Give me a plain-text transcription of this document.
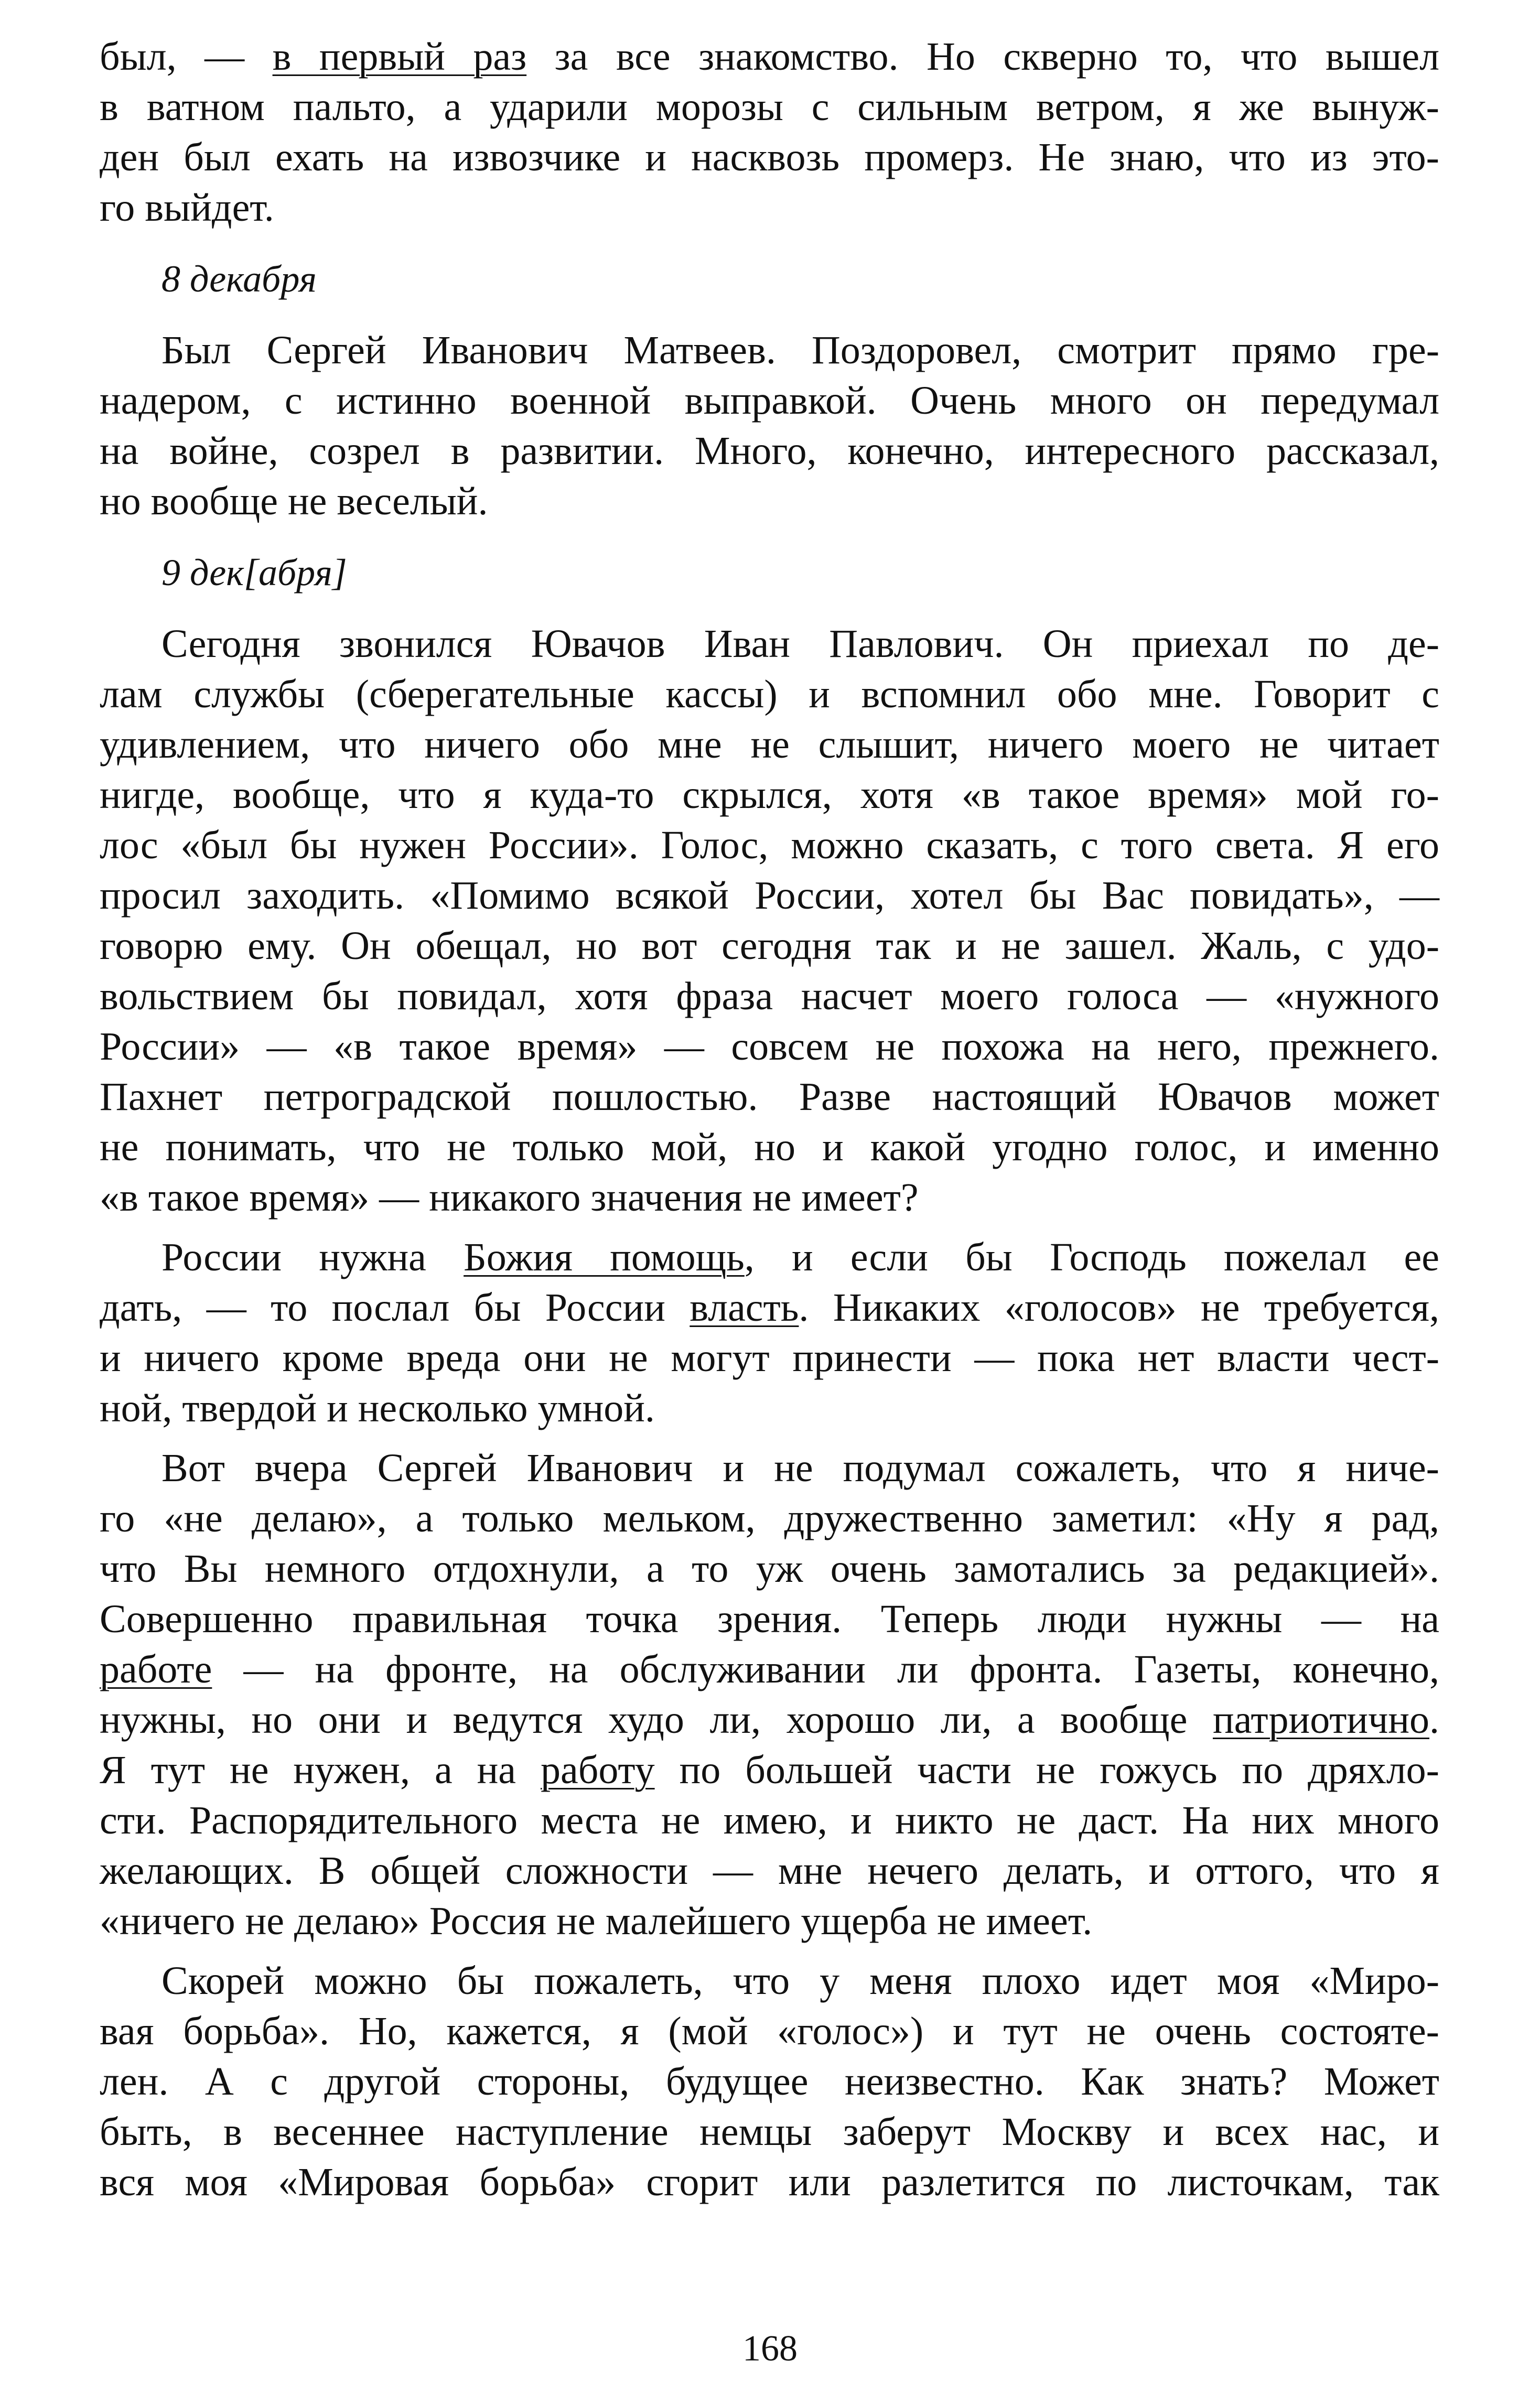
был, — в первый раз за все знакомство. Но скверно то, что вышел

в ватном пальто, а ударили морозы с сильным ветром, я же вынуж-

ден был ехать на извозчике и насквозь промерз. Не знаю, что из это-

го выйдет.

8 декабря

Был Сергей Иванович Матвеев. Поздоровел, смотрит прямо гре-

надером, с истинно военной выправкой. Очень много он передумал

на войне, созрел в развитии. Много, конечно, интересного рассказал,

но вообще не веселый.

9 дек[абря]

Сегодня звонился Ювачов Иван Павлович. Он приехал по де-

лам службы (сберегательные кассы) и вспомнил обо мне. Говорит с

удивлением, что ничего обо мне не слышит, ничего моего не читает

нигде, вообще, что я куда-то скрылся, хотя «в такое время» мой го-

лос «был бы нужен России». Голос, можно сказать, с того света. Я его

просил заходить. «Помимо всякой России, хотел бы Вас повидать», —

говорю ему. Он обещал, но вот сегодня так и не зашел. Жаль, с удо-

вольствием бы повидал, хотя фраза насчет моего голоса — «нужного

России» — «в такое время» — совсем не похожа на него, прежнего.

Пахнет петроградской пошлостью. Разве настоящий Ювачов может

не понимать, что не только мой, но и какой угодно голос, и именно

«в такое время» — никакого значения не имеет?

России нужна Божия помощь, и если бы Господь пожелал ее

дать, — то послал бы России власть. Никаких «голосов» не требуется,

и ничего кроме вреда они не могут принести — пока нет власти чест-

ной, твердой и несколько умной.

Вот вчера Сергей Иванович и не подумал сожалеть, что я ниче-

го «не делаю», а только мельком, дружественно заметил: «Ну я рад,

что Вы немного отдохнули, а то уж очень замотались за редакцией».

Совершенно правильная точка зрения. Теперь люди нужны — на

работе — на фронте, на обслуживании ли фронта. Газеты, конечно,

нужны, но они и ведутся худо ли, хорошо ли, а вообще патриотично.

Я тут не нужен, а на работу по большей части не гожусь по дряхло-

сти. Распорядительного места не имею, и никто не даст. На них много

желающих. В общей сложности — мне нечего делать, и оттого, что я

«ничего не делаю» Россия не малейшего ущерба не имеет.

Скорей можно бы пожалеть, что у меня плохо идет моя «Миро-

вая борьба». Но, кажется, я (мой «голос») и тут не очень состояте-

лен. А с другой стороны, будущее неизвестно. Как знать? Может

быть, в весеннее наступление немцы заберут Москву и всех нас, и

вся моя «Мировая борьба» сгорит или разлетится по листочкам, так

168
